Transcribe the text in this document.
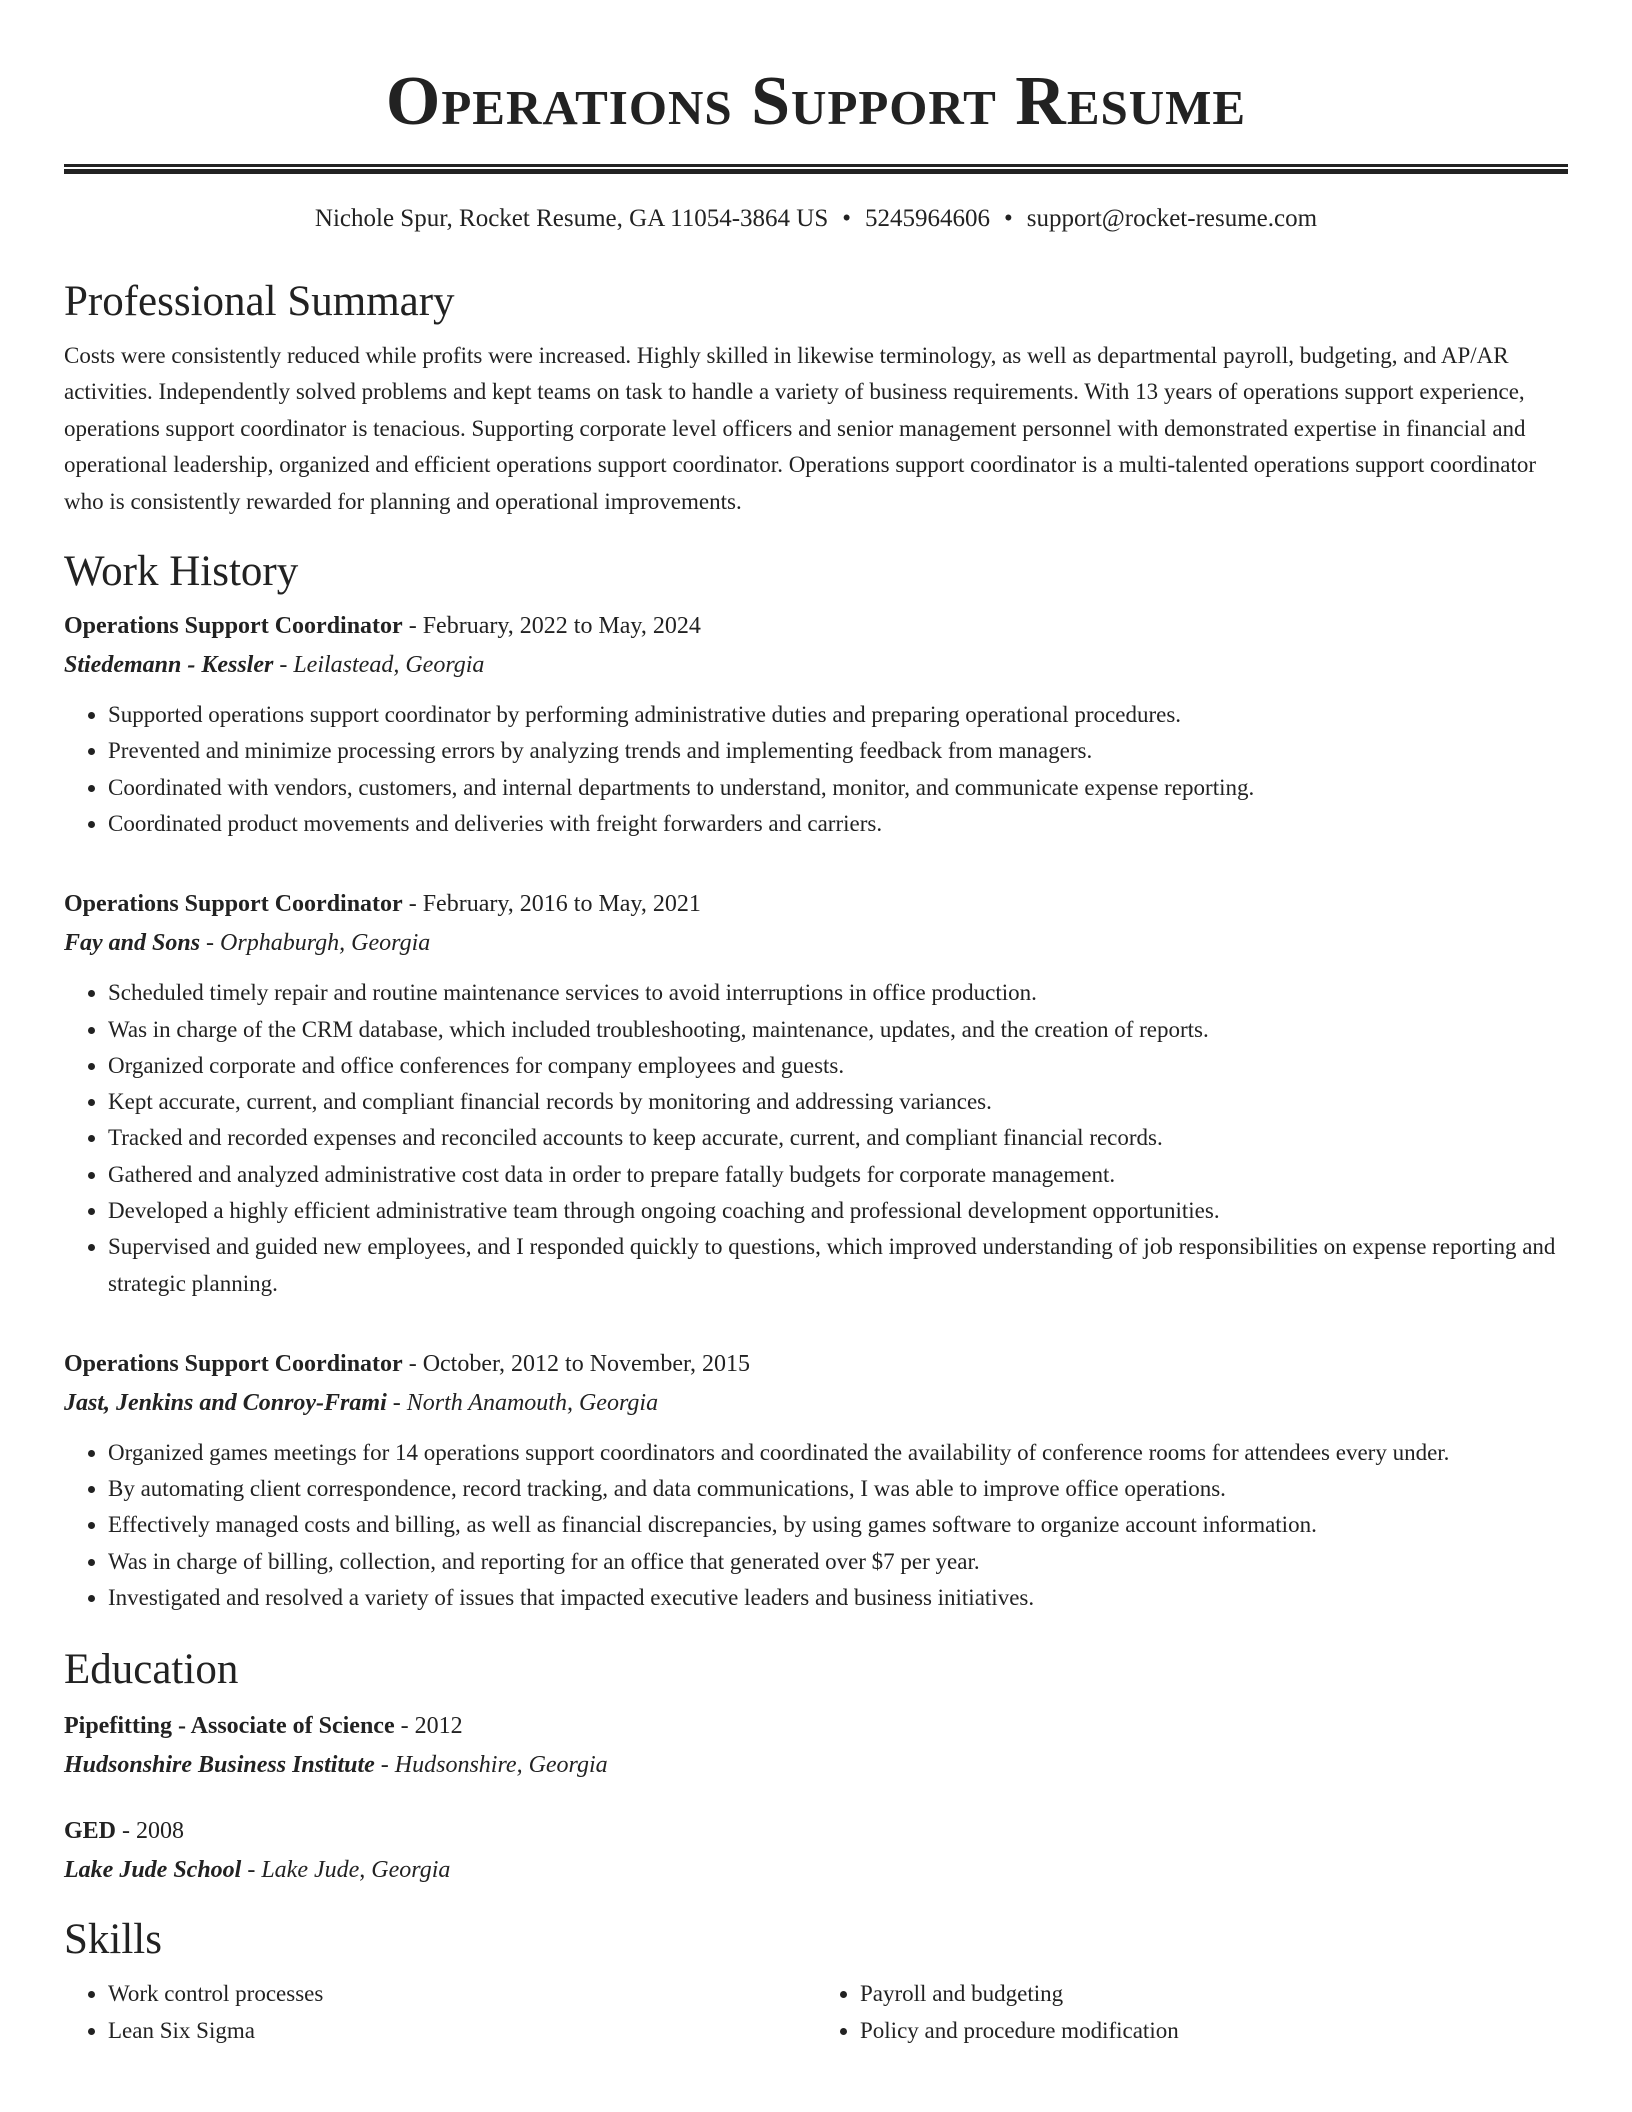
Operations Support Resume
Nichole Spur, Rocket Resume, GA 11054-3864 US • 5245964606 • support@rocket-resume.com
Professional Summary

Costs were consistently reduced while profits were increased. Highly skilled in likewise terminology, as well as departmental payroll, budgeting, and AP/AR activities. Independently solved problems and kept teams on task to handle a variety of business requirements. With 13 years of operations support experience, operations support coordinator is tenacious. Supporting corporate level officers and senior management personnel with demonstrated expertise in financial and operational leadership, organized and efficient operations support coordinator. Operations support coordinator is a multi-talented operations support coordinator who is consistently rewarded for planning and operational improvements.

Work History
Operations Support Coordinator - February, 2022 to May, 2024
Stiedemann - Kessler - Leilastead, Georgia
• Supported operations support coordinator by performing administrative duties and preparing operational procedures.
• Prevented and minimize processing errors by analyzing trends and implementing feedback from managers.
• Coordinated with vendors, customers, and internal departments to understand, monitor, and communicate expense reporting.
• Coordinated product movements and deliveries with freight forwarders and carriers.
Operations Support Coordinator - February, 2016 to May, 2021
Fay and Sons - Orphaburgh, Georgia
• Scheduled timely repair and routine maintenance services to avoid interruptions in office production.
• Was in charge of the CRM database, which included troubleshooting, maintenance, updates, and the creation of reports.
• Organized corporate and office conferences for company employees and guests.
• Kept accurate, current, and compliant financial records by monitoring and addressing variances.
• Tracked and recorded expenses and reconciled accounts to keep accurate, current, and compliant financial records.
• Gathered and analyzed administrative cost data in order to prepare fatally budgets for corporate management.
• Developed a highly efficient administrative team through ongoing coaching and professional development opportunities.
• Supervised and guided new employees, and I responded quickly to questions, which improved understanding of job responsibilities on expense reporting and strategic planning.
Operations Support Coordinator - October, 2012 to November, 2015
Jast, Jenkins and Conroy-Frami - North Anamouth, Georgia
• Organized games meetings for 14 operations support coordinators and coordinated the availability of conference rooms for attendees every under.
• By automating client correspondence, record tracking, and data communications, I was able to improve office operations.
• Effectively managed costs and billing, as well as financial discrepancies, by using games software to organize account information.
• Was in charge of billing, collection, and reporting for an office that generated over $7 per year.
• Investigated and resolved a variety of issues that impacted executive leaders and business initiatives.
Education
Pipefitting - Associate of Science - 2012
Hudsonshire Business Institute - Hudsonshire, Georgia
GED - 2008
Lake Jude School - Lake Jude, Georgia
Skills
• Work control processes
• Lean Six Sigma
• Payroll and budgeting
• Policy and procedure modification
